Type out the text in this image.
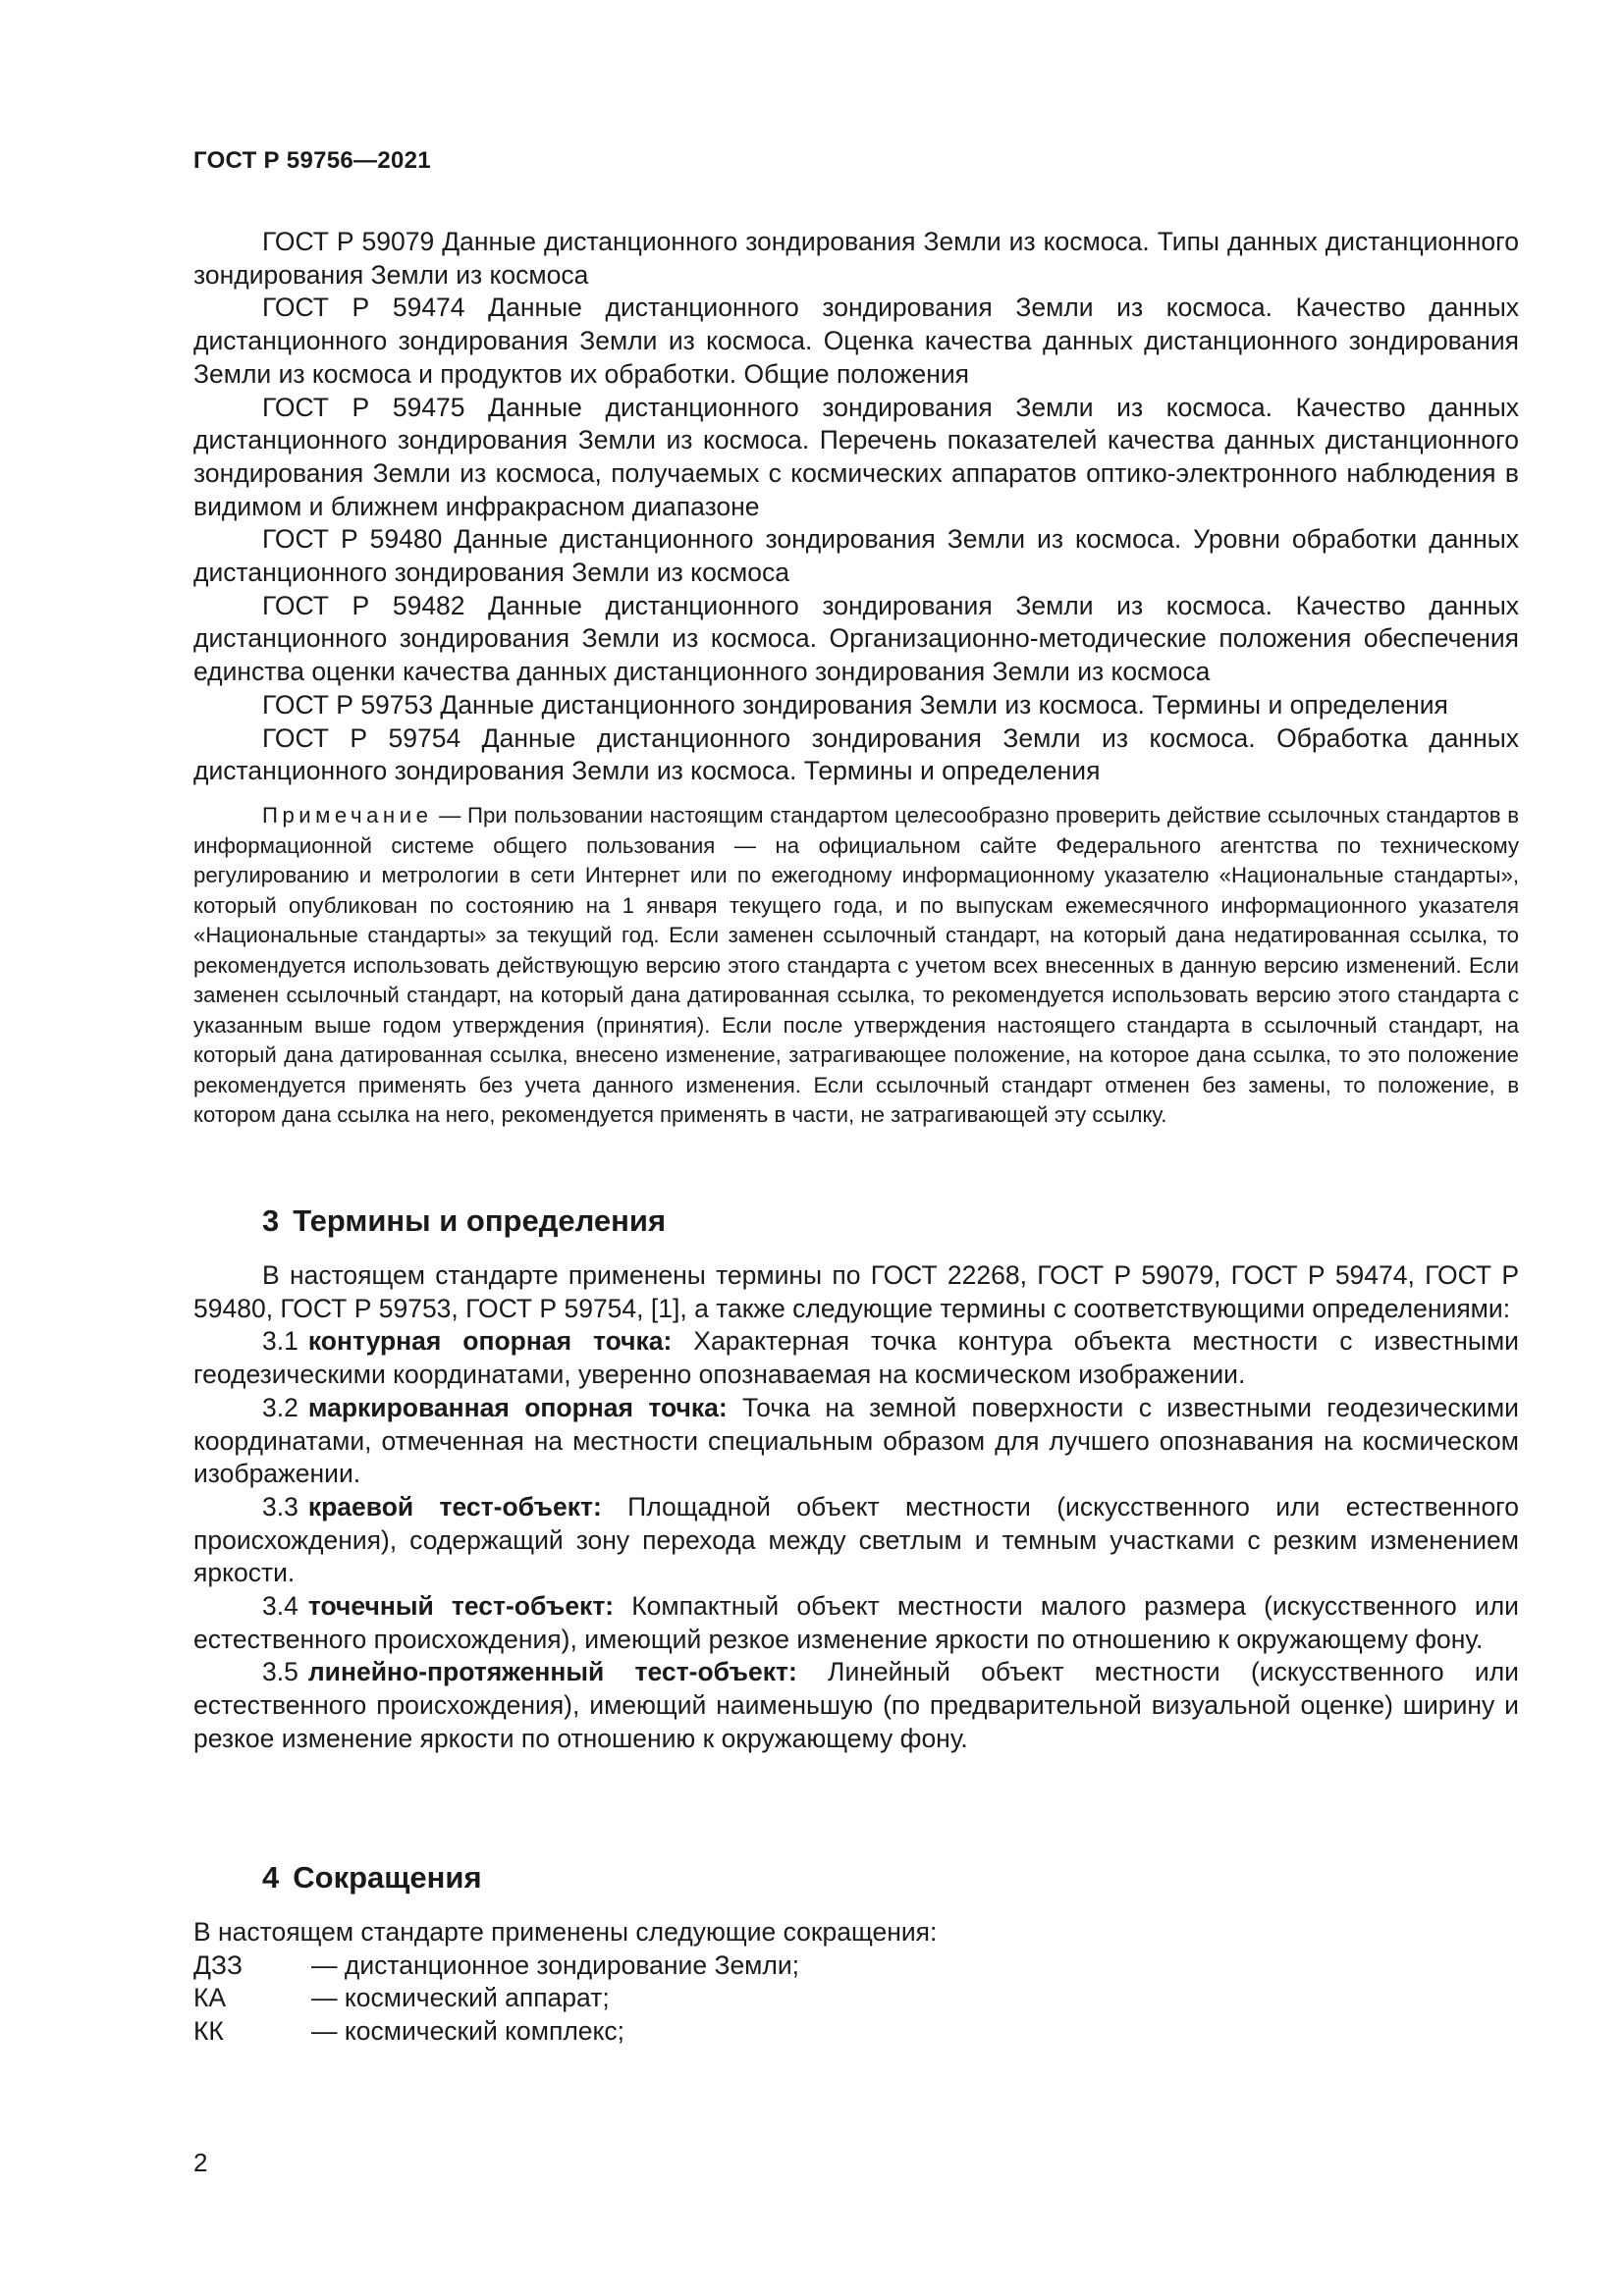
ГОСТ Р 59756—2021

ГОСТ Р 59079 Данные дистанционного зондирования Земли из космоса. Типы данных дистанционного зондирования Земли из космоса

ГОСТ Р 59474 Данные дистанционного зондирования Земли из космоса. Качество данных дистанционного зондирования Земли из космоса. Оценка качества данных дистанционного зондирования Земли из космоса и продуктов их обработки. Общие положения

ГОСТ Р 59475 Данные дистанционного зондирования Земли из космоса. Качество данных дистанционного зондирования Земли из космоса. Перечень показателей качества данных дистанционного зондирования Земли из космоса, получаемых с космических аппаратов оптико-электронного наблюдения в видимом и ближнем инфракрасном диапазоне

ГОСТ Р 59480 Данные дистанционного зондирования Земли из космоса. Уровни обработки данных дистанционного зондирования Земли из космоса

ГОСТ Р 59482 Данные дистанционного зондирования Земли из космоса. Качество данных дистанционного зондирования Земли из космоса. Организационно-методические положения обеспечения единства оценки качества данных дистанционного зондирования Земли из космоса

ГОСТ Р 59753 Данные дистанционного зондирования Земли из космоса. Термины и определения

ГОСТ Р 59754 Данные дистанционного зондирования Земли из космоса. Обработка данных дистанционного зондирования Земли из космоса. Термины и определения

Примечание — При пользовании настоящим стандартом целесообразно проверить действие ссылочных стандартов в информационной системе общего пользования — на официальном сайте Федерального агентства по техническому регулированию и метрологии в сети Интернет или по ежегодному информационному указателю «Национальные стандарты», который опубликован по состоянию на 1 января текущего года, и по выпускам ежемесячного информационного указателя «Национальные стандарты» за текущий год. Если заменен ссылочный стандарт, на который дана недатированная ссылка, то рекомендуется использовать действующую версию этого стандарта с учетом всех внесенных в данную версию изменений. Если заменен ссылочный стандарт, на который дана датированная ссылка, то рекомендуется использовать версию этого стандарта с указанным выше годом утверждения (принятия). Если после утверждения настоящего стандарта в ссылочный стандарт, на который дана датированная ссылка, внесено изменение, затрагивающее положение, на которое дана ссылка, то это положение рекомендуется применять без учета данного изменения. Если ссылочный стандарт отменен без замены, то положение, в котором дана ссылка на него, рекомендуется применять в части, не затрагивающей эту ссылку.

3 Термины и определения

В настоящем стандарте применены термины по ГОСТ 22268, ГОСТ Р 59079, ГОСТ Р 59474, ГОСТ Р 59480, ГОСТ Р 59753, ГОСТ Р 59754, [1], а также следующие термины с соответствующими определениями:

3.1 контурная опорная точка: Характерная точка контура объекта местности с известными геодезическими координатами, уверенно опознаваемая на космическом изображении.

3.2 маркированная опорная точка: Точка на земной поверхности с известными геодезическими координатами, отмеченная на местности специальным образом для лучшего опознавания на космическом изображении.

3.3 краевой тест-объект: Площадной объект местности (искусственного или естественного происхождения), содержащий зону перехода между светлым и темным участками с резким изменением яркости.

3.4 точечный тест-объект: Компактный объект местности малого размера (искусственного или естественного происхождения), имеющий резкое изменение яркости по отношению к окружающему фону.

3.5 линейно-протяженный тест-объект: Линейный объект местности (искусственного или естественного происхождения), имеющий наименьшую (по предварительной визуальной оценке) ширину и резкое изменение яркости по отношению к окружающему фону.

4 Сокращения

В настоящем стандарте применены следующие сокращения:

ДЗЗ	— дистанционное зондирование Земли;

КА	— космический аппарат;

КК	— космический комплекс;

2
